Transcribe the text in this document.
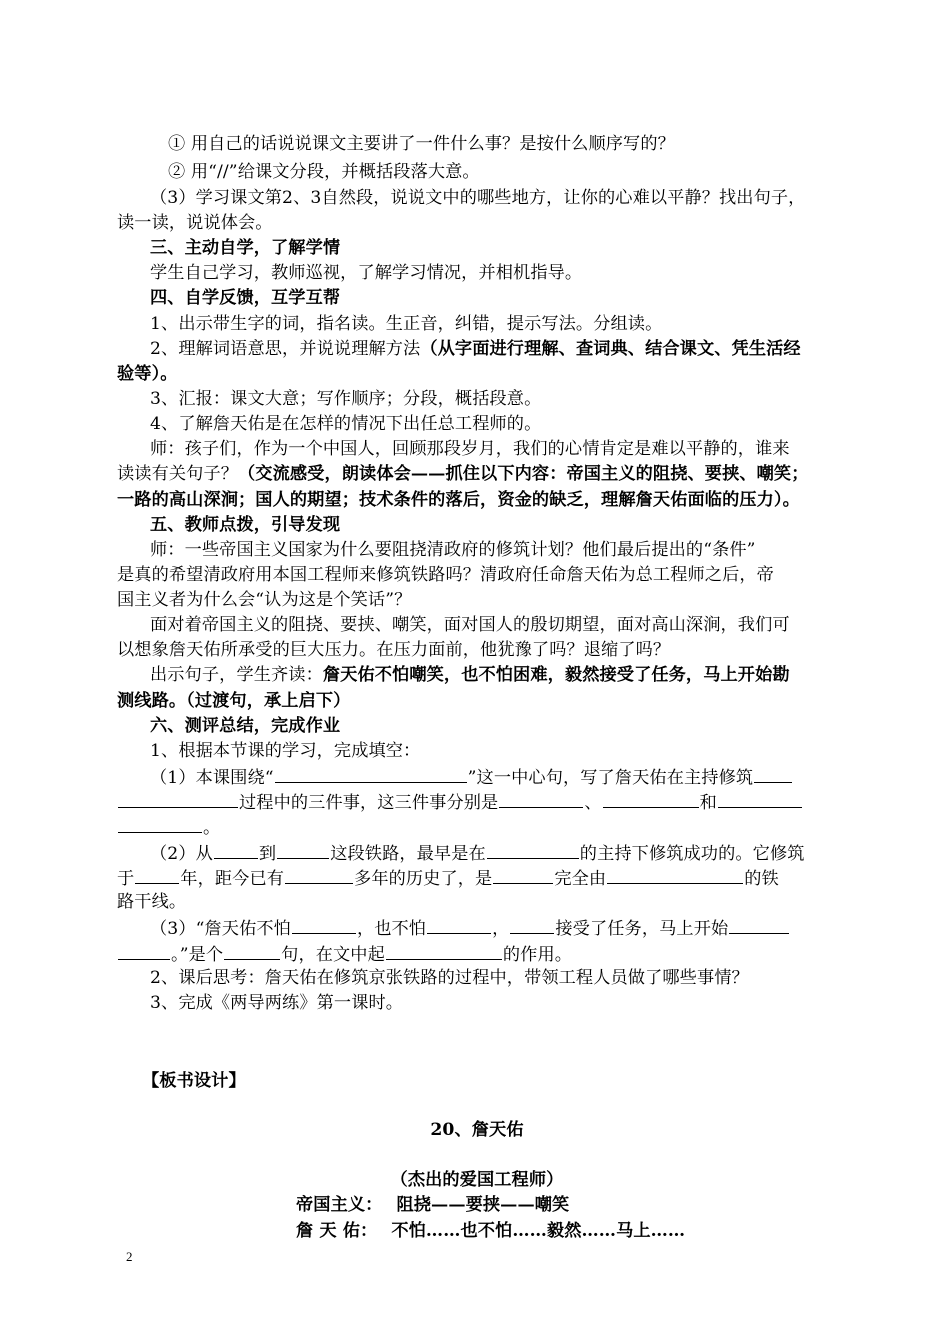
① 用自己的话说说课文主要讲了一件什么事？是按什么顺序写的？
② 用“//”给课文分段，并概括段落大意。
（3）学习课文第2、3自然段，说说文中的哪些地方，让你的心难以平静？找出句子，
读一读，说说体会。
三、主动自学，了解学情
学生自己学习，教师巡视，了解学习情况，并相机指导。
四、自学反馈，互学互帮
1、出示带生字的词，指名读。生正音，纠错，提示写法。分组读。
2、理解词语意思，并说说理解方法（从字面进行理解、查词典、结合课文、凭生活经
验等）。
3、汇报：课文大意；写作顺序；分段，概括段意。
4、了解詹天佑是在怎样的情况下出任总工程师的。
师：孩子们，作为一个中国人，回顾那段岁月，我们的心情肯定是难以平静的，谁来
读读有关句子？（交流感受，朗读体会——抓住以下内容：帝国主义的阻挠、要挟、嘲笑；
一路的高山深涧；国人的期望；技术条件的落后，资金的缺乏，理解詹天佑面临的压力）。
五、教师点拨，引导发现
师：一些帝国主义国家为什么要阻挠清政府的修筑计划？他们最后提出的“条件”
是真的希望清政府用本国工程师来修筑铁路吗？清政府任命詹天佑为总工程师之后，帝
国主义者为什么会“认为这是个笑话”？
面对着帝国主义的阻挠、要挟、嘲笑，面对国人的殷切期望，面对高山深涧，我们可
以想象詹天佑所承受的巨大压力。在压力面前，他犹豫了吗？退缩了吗？
出示句子，学生齐读：詹天佑不怕嘲笑，也不怕困难，毅然接受了任务，马上开始勘
测线路。（过渡句，承上启下）
六、测评总结，完成作业
1、根据本节课的学习，完成填空：
（1）本课围绕“	”这一中心句，写了詹天佑在主持修筑
过程中的三件事，这三件事分别是	、	和
。
（2）从	到	这段铁路，最早是在	的主持下修筑成功的。它修筑
于	年，距今已有	多年的历史了，是	完全由	的铁
路干线。
（3）“詹天佑不怕	，也不怕	，	接受了任务，马上开始
。”是个	句，在文中起	的作用。
2、课后思考：詹天佑在修筑京张铁路的过程中，带领工程人员做了哪些事情？
3、完成《两导两练》第一课时。
【板书设计】
20、詹天佑
（杰出的爱国工程师）
帝国主义： 阻挠——要挟——嘲笑
詹 天 佑： 不怕……也不怕……毅然……马上……
2
